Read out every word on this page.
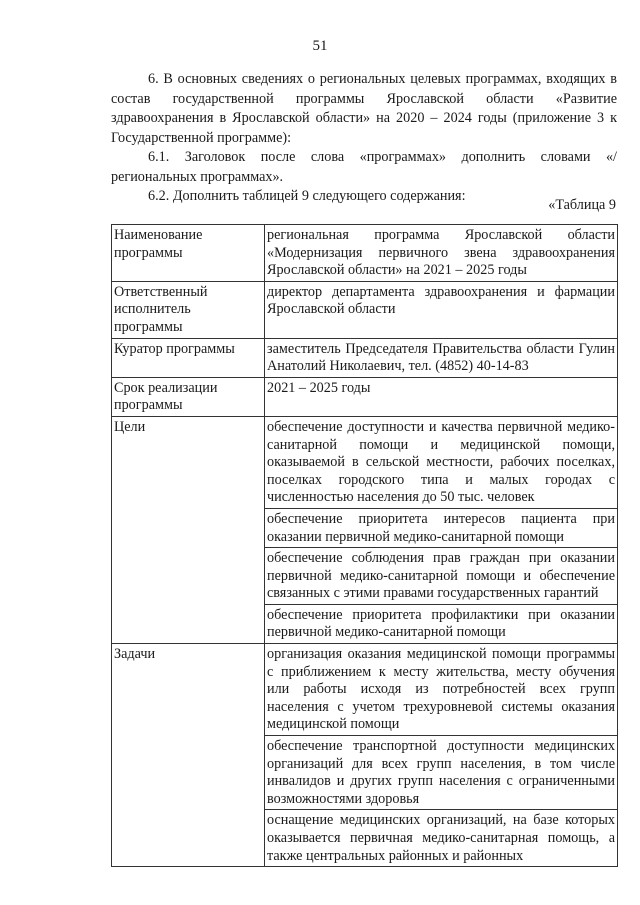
51

6. В основных сведениях о региональных целевых программах, входящих в состав государственной программы Ярославской области «Развитие здравоохранения в Ярославской области» на 2020 – 2024 годы (приложение 3 к Государственной программе):

6.1. Заголовок после слова «программах» дополнить словами «/региональных программах».

6.2. Дополнить таблицей 9 следующего содержания:

«Таблица 9
Наименование программы	региональная программа Ярославской области «Модернизация первичного звена здравоохранения Ярославской области» на 2021 – 2025 годы
Ответственный исполнитель программы	директор департамента здравоохранения и фармации Ярославской области
Куратор программы	заместитель Председателя Правительства области Гулин Анатолий Николаевич, тел. (4852) 40-14-83
Срок реализации программы	2021 – 2025 годы
Цели	обеспечение доступности и качества первичной медико-санитарной помощи и медицинской помощи, оказываемой в сельской местности, рабочих поселках, поселках городского типа и малых городах с численностью населения до 50 тыс. человек
	обеспечение приоритета интересов пациента при оказании первичной медико-санитарной помощи
	обеспечение соблюдения прав граждан при оказании первичной медико-санитарной помощи и обеспечение связанных с этими правами государственных гарантий
	обеспечение приоритета профилактики при оказании первичной медико-санитарной помощи
Задачи	организация оказания медицинской помощи программы с приближением к месту жительства, месту обучения или работы исходя из потребностей всех групп населения с учетом трехуровневой системы оказания медицинской помощи
	обеспечение транспортной доступности медицинских организаций для всех групп населения, в том числе инвалидов и других групп населения с ограниченными возможностями здоровья
	оснащение медицинских организаций, на базе которых оказывается первичная медико-санитарная помощь, а также центральных районных и районных
